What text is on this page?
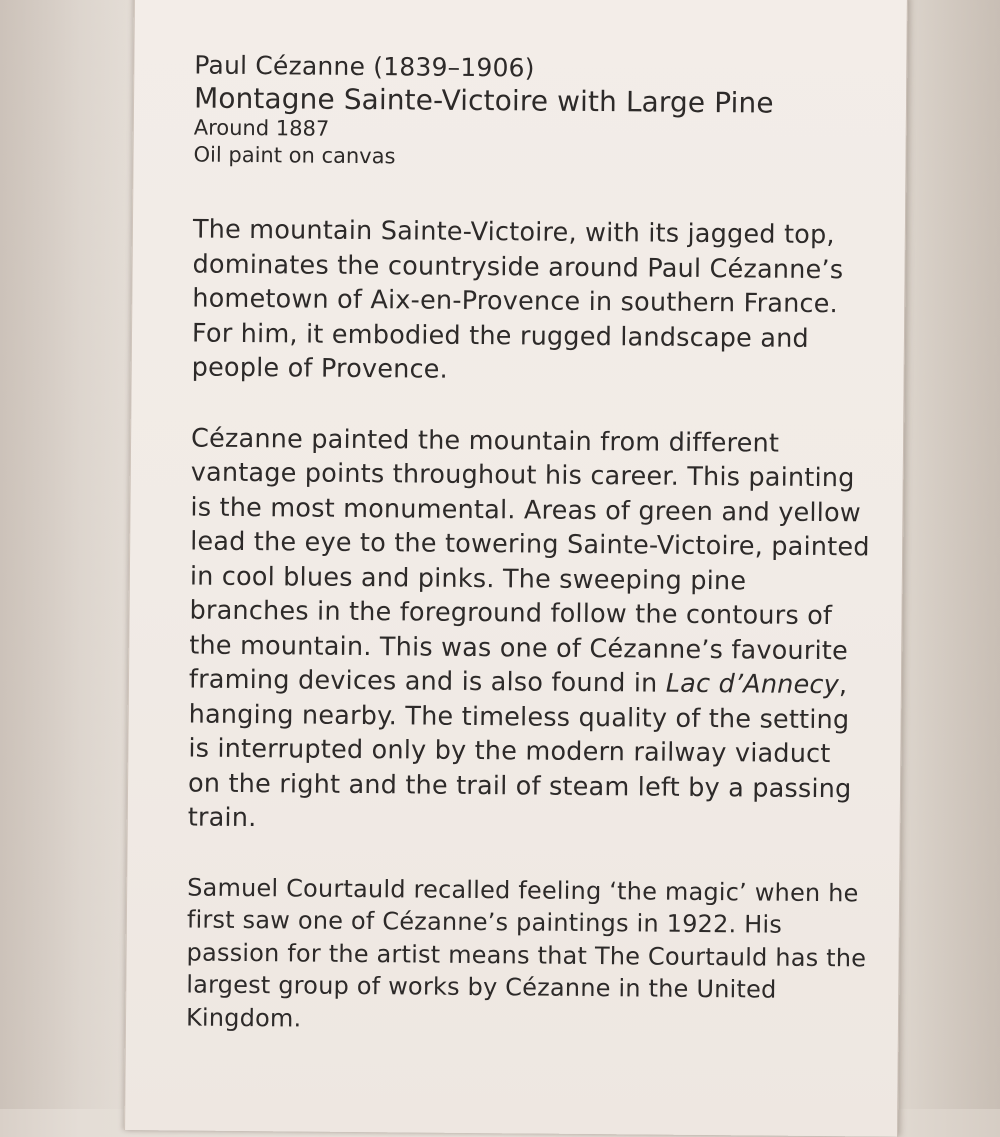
Paul Cézanne (1839–1906)

Montagne Sainte-Victoire with Large Pine

Around 1887

Oil paint on canvas

The mountain Sainte-Victoire, with its jagged top, dominates the countryside around Paul Cézanne’s hometown of Aix-en-Provence in southern France. For him, it embodied the rugged landscape and people of Provence.

Cézanne painted the mountain from different vantage points throughout his career. This painting is the most monumental. Areas of green and yellow lead the eye to the towering Sainte-Victoire, painted in cool blues and pinks. The sweeping pine branches in the foreground follow the contours of the mountain. This was one of Cézanne’s favourite framing devices and is also found in Lac d’Annecy, hanging nearby. The timeless quality of the setting is interrupted only by the modern railway viaduct on the right and the trail of steam left by a passing train.

Samuel Courtauld recalled feeling ‘the magic’ when he first saw one of Cézanne’s paintings in 1922. His passion for the artist means that The Courtauld has the largest group of works by Cézanne in the United Kingdom.
